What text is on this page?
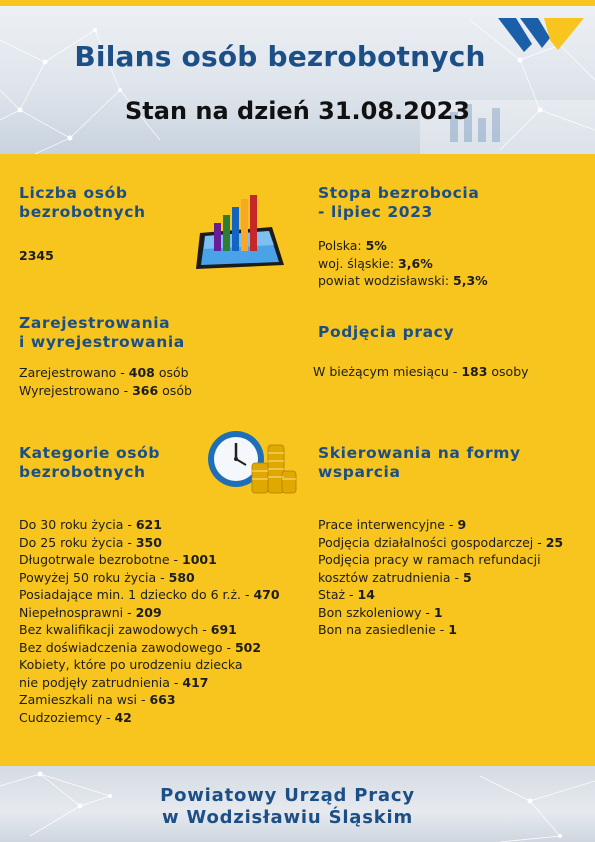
Bilans osób bezrobotnych
Stan na dzień 31.08.2023
Liczba osób
bezrobotnych
2345
Stopa bezrobocia
- lipiec 2023
Polska: 5%
woj. śląskie: 3,6%
powiat wodzisławski: 5,3%
Zarejestrowania
i wyrejestrowania
Zarejestrowano - 408 osób
Wyrejestrowano - 366 osób
Podjęcia pracy
W bieżącym miesiącu - 183 osoby
Kategorie osób
bezrobotnych
Do 30 roku życia - 621
Do 25 roku życia - 350
Długotrwale bezrobotne - 1001
Powyżej 50 roku życia - 580
Posiadające min. 1 dziecko do 6 r.ż. - 470
Niepełnosprawni - 209
Bez kwalifikacji zawodowych - 691
Bez doświadczenia zawodowego - 502
Kobiety, które po urodzeniu dziecka
nie podjęły zatrudnienia - 417
Zamieszkali na wsi - 663
Cudzoziemcy - 42
Skierowania na formy
wsparcia
Prace interwencyjne - 9
Podjęcia działalności gospodarczej - 25
Podjęcia pracy w ramach refundacji
kosztów zatrudnienia - 5
Staż - 14
Bon szkoleniowy - 1
Bon na zasiedlenie - 1
Powiatowy Urząd Pracy
w Wodzisławiu Śląskim
